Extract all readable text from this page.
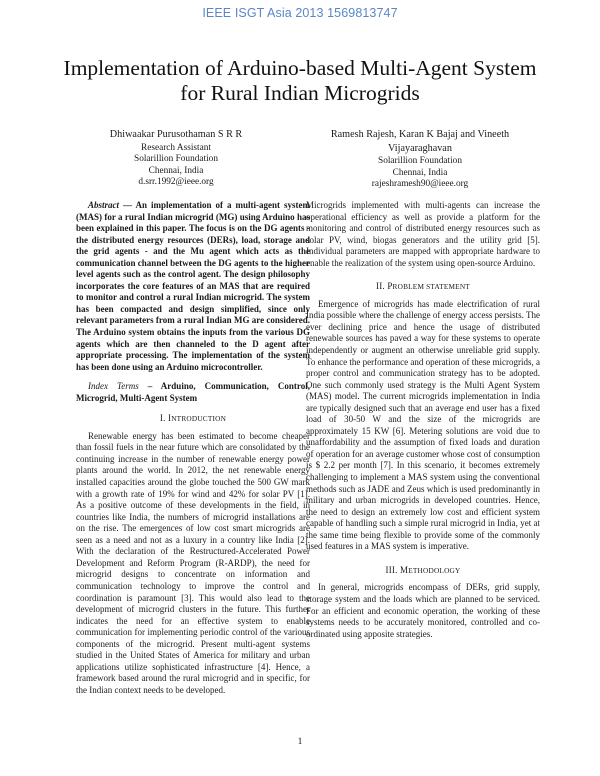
IEEE ISGT Asia 2013 1569813747
Implementation of Arduino-based Multi-Agent System
for Rural Indian Microgrids
Dhiwaakar Purusothaman S R R
Research Assistant
Solarillion Foundation
Chennai, India
d.srr.1992@ieee.org
Ramesh Rajesh, Karan K Bajaj and Vineeth
Vijayaraghavan
Solarillion Foundation
Chennai, India
rajeshramesh90@ieee.org

Abstract — An implementation of a multi-agent system (MAS) for a rural Indian microgrid (MG) using Arduino has been explained in this paper. The focus is on the DG agents - the distributed energy resources (DERs), load, storage and the grid agents - and the Mu agent which acts as the communication channel between the DG agents to the higher level agents such as the control agent. The design philosophy incorporates the core features of an MAS that are required to monitor and control a rural Indian microgrid. The system has been compacted and design simplified, since only relevant parameters from a rural Indian MG are considered. The Arduino system obtains the inputs from the various DG agents which are then channeled to the D agent after appropriate processing. The implementation of the system has been done using an Arduino microcontroller.

Index Terms – Arduino, Communication, Control, Microgrid, Multi-Agent System

I. INTRODUCTION

Renewable energy has been estimated to become cheaper than fossil fuels in the near future which are consolidated by the continuing increase in the number of renewable energy power plants around the world. In 2012, the net renewable energy installed capacities around the globe touched the 500 GW mark with a growth rate of 19% for wind and 42% for solar PV [1]. As a positive outcome of these developments in the field, in countries like India, the numbers of microgrid installations are on the rise. The emergences of low cost smart microgrids are seen as a need and not as a luxury in a country like India [2]. With the declaration of the Restructured-Accelerated Power Development and Reform Program (R-ARDP), the need for microgrid designs to concentrate on information and communication technology to improve the control and coordination is paramount [3]. This would also lead to the development of microgrid clusters in the future. This further indicates the need for an effective system to enable communication for implementing periodic control of the various components of the microgrid. Present multi-agent systems studied in the United States of America for military and urban applications utilize sophisticated infrastructure [4]. Hence, a framework based around the rural microgrid and in specific, for the Indian context needs to be developed.

Microgrids implemented with multi-agents can increase the operational efficiency as well as provide a platform for the monitoring and control of distributed energy resources such as solar PV, wind, biogas generators and the utility grid [5]. Individual parameters are mapped with appropriate hardware to enable the realization of the system using open-source Arduino.

II. PROBLEM STATEMENT

Emergence of microgrids has made electrification of rural India possible where the challenge of energy access persists. The ever declining price and hence the usage of distributed renewable sources has paved a way for these systems to operate independently or augment an otherwise unreliable grid supply. To enhance the performance and operation of these microgrids, a proper control and communication strategy has to be adopted. One such commonly used strategy is the Multi Agent System (MAS) model. The current microgrids implementation in India are typically designed such that an average end user has a fixed load of 30-50 W and the size of the microgrids are approximately 15 KW [6]. Metering solutions are void due to unaffordability and the assumption of fixed loads and duration of operation for an average customer whose cost of consumption is $ 2.2 per month [7]. In this scenario, it becomes extremely challenging to implement a MAS system using the conventional methods such as JADE and Zeus which is used predominantly in military and urban microgrids in developed countries. Hence, the need to design an extremely low cost and efficient system capable of handling such a simple rural microgrid in India, yet at the same time being flexible to provide some of the commonly used features in a MAS system is imperative.

III. METHODOLOGY

In general, microgrids encompass of DERs, grid supply, storage system and the loads which are planned to be serviced. For an efficient and economic operation, the working of these systems needs to be accurately monitored, controlled and co-ordinated using apposite strategies.

1
